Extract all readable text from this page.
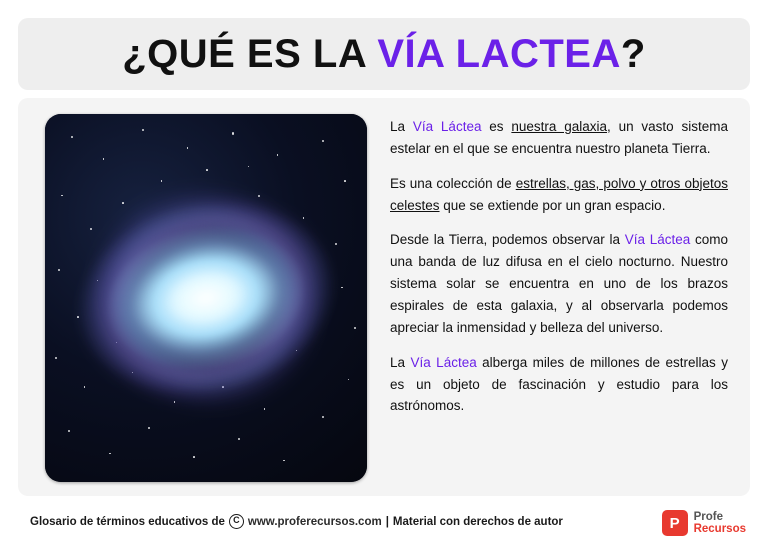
¿QUÉ ES LA VÍA LACTEA?

La Vía Láctea es nuestra galaxia, un vasto sistema estelar en el que se encuentra nuestro planeta Tierra.

Es una colección de estrellas, gas, polvo y otros objetos celestes que se extiende por un gran espacio.

Desde la Tierra, podemos observar la Vía Láctea como una banda de luz difusa en el cielo nocturno. Nuestro sistema solar se encuentra en uno de los brazos espirales de esta galaxia, y al observarla podemos apreciar la inmensidad y belleza del universo.

La Vía Láctea alberga miles de millones de estrellas y es un objeto de fascinación y estudio para los astrónomos.

Glosario de términos educativos de C www.proferecursos.com | Material con derechos de autor	P	Profe
Recursos
